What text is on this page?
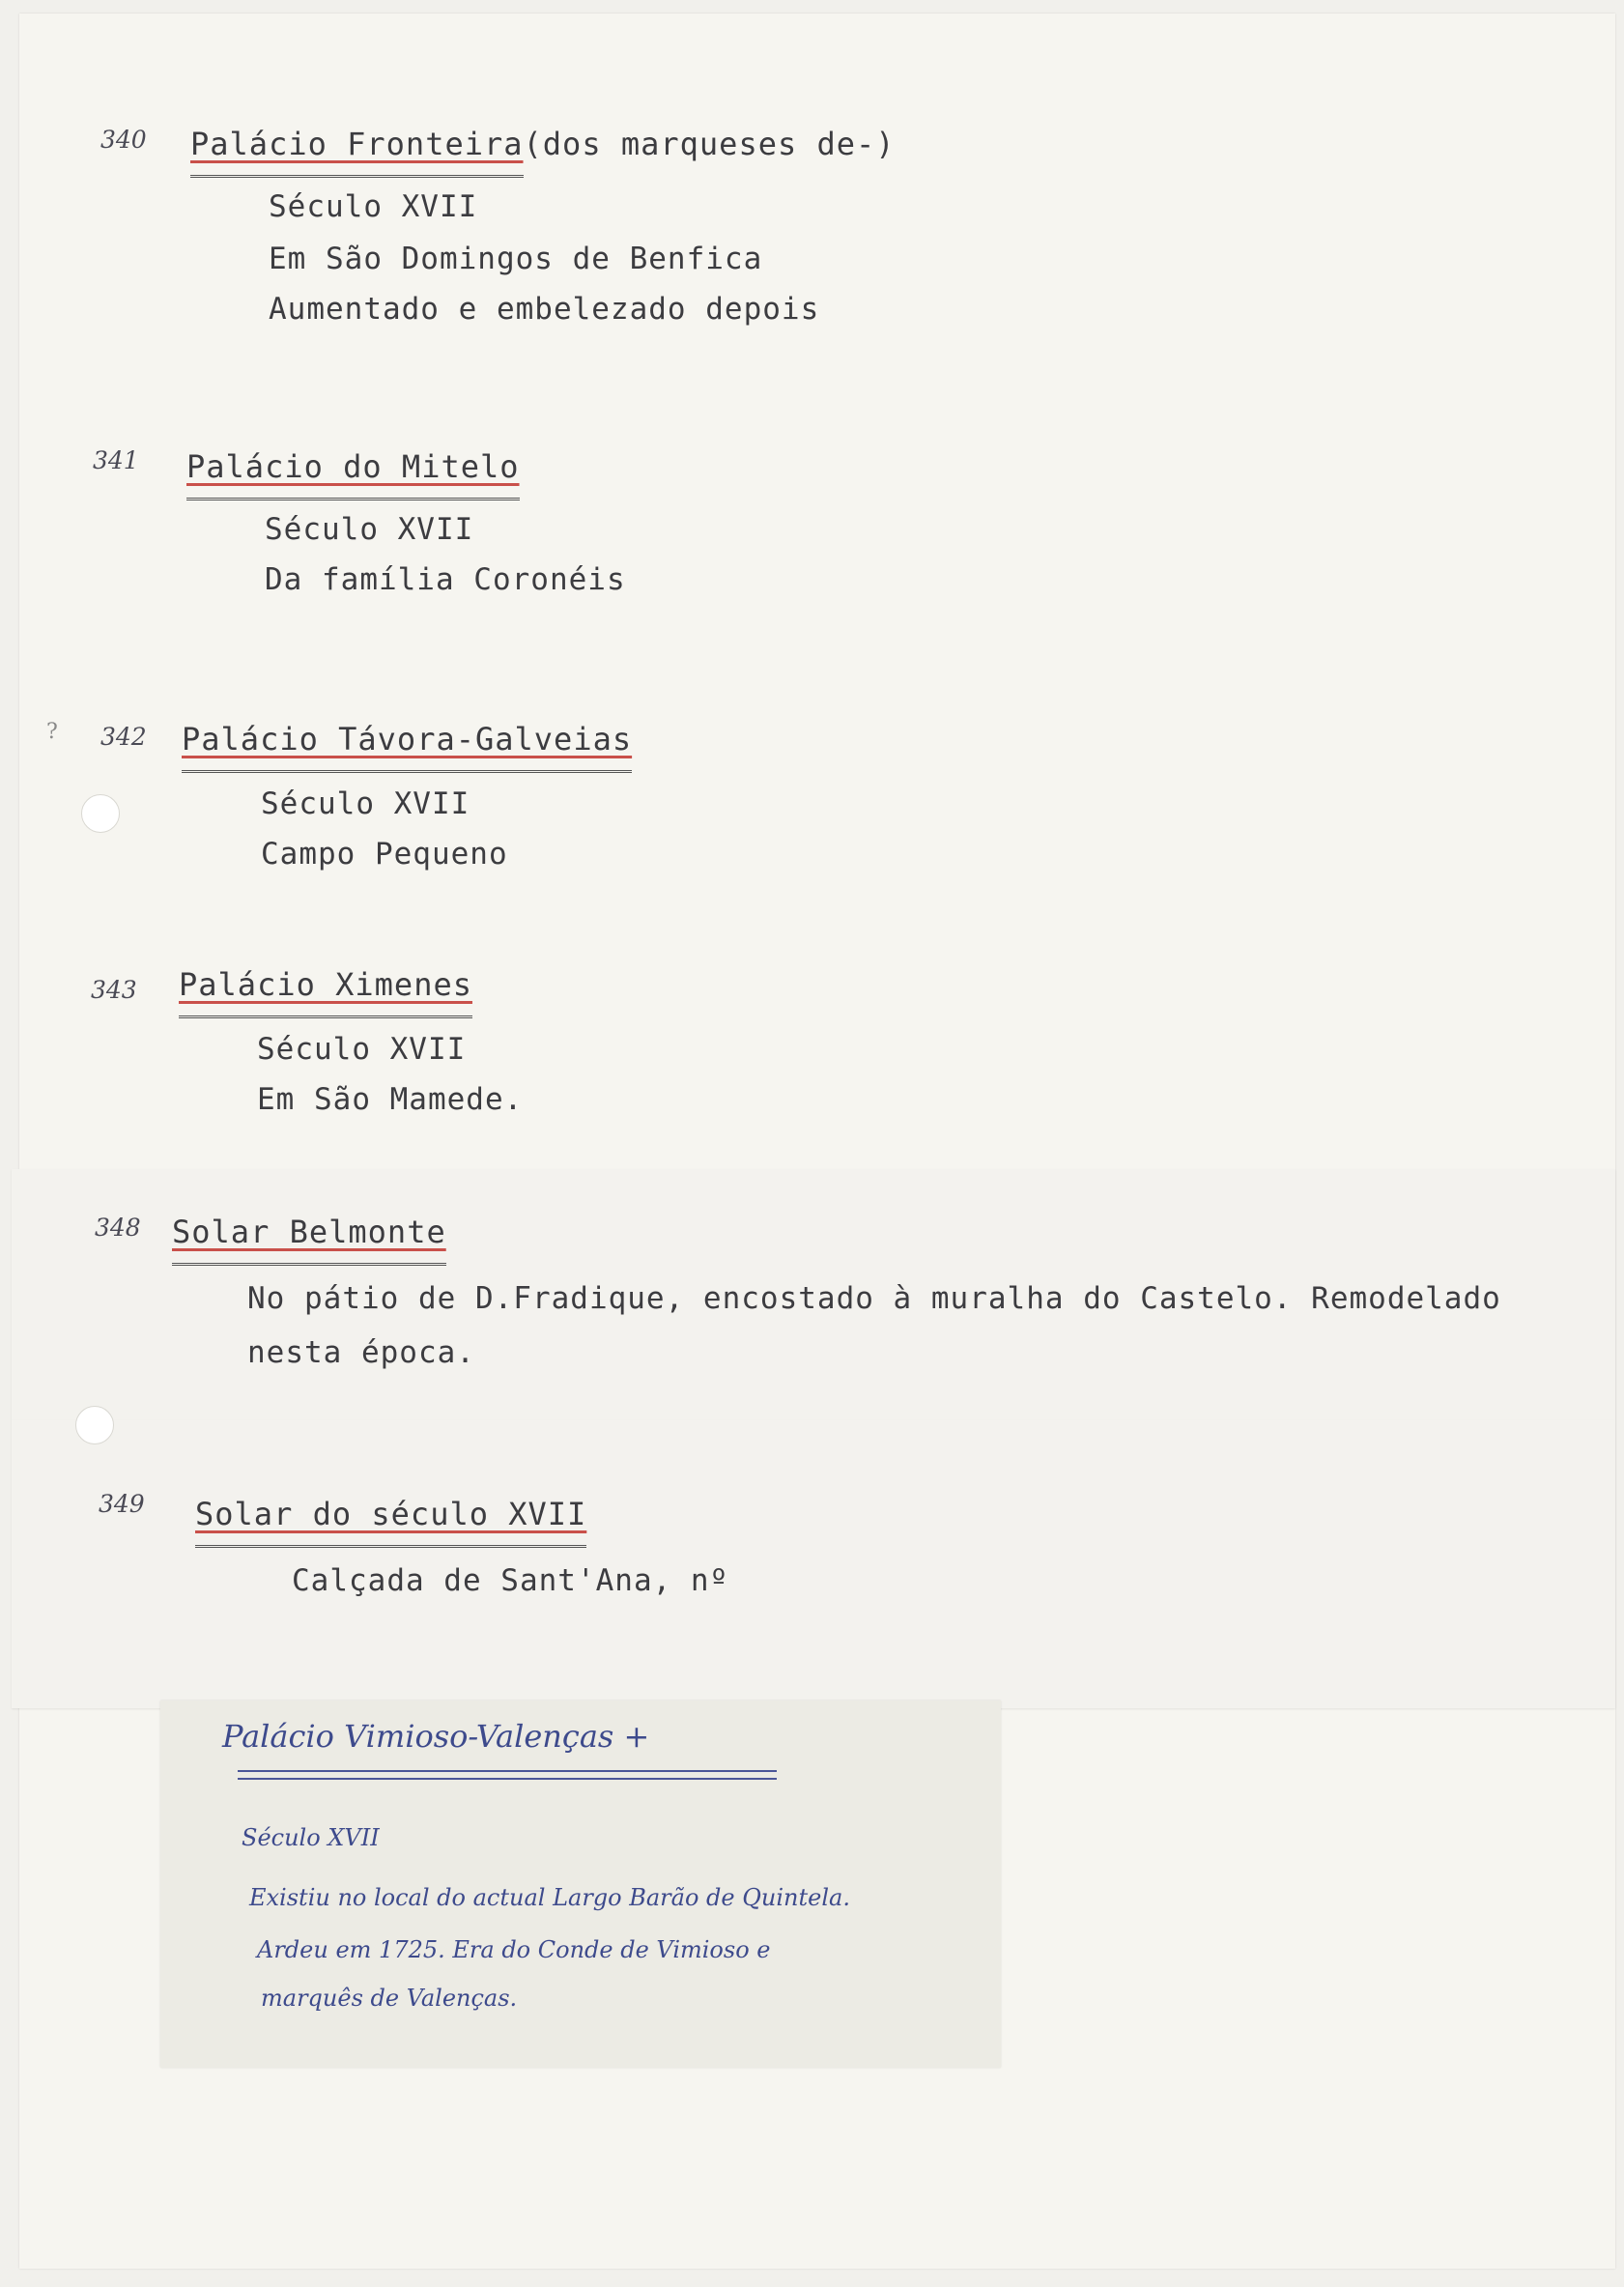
?
340 Palácio Fronteira(dos marqueses de-)
Século XVII
Em São Domingos de Benfica
Aumentado e embelezado depois
341 Palácio do Mitelo
Século XVII
Da família Coronéis
342 Palácio Távora-Galveias
Século XVII
Campo Pequeno
343 Palácio Ximenes
Século XVII
Em São Mamede.
348 Solar Belmonte
No pátio de D.Fradique, encostado à muralha do Castelo. Remodelado
nesta época.
349 Solar do século XVII
Calçada de Sant'Ana, nº
Palácio Vimioso-Valenças +
Século XVII
Existiu no local do actual Largo Barão de Quintela.
Ardeu em 1725. Era do Conde de Vimioso e
marquês de Valenças.
